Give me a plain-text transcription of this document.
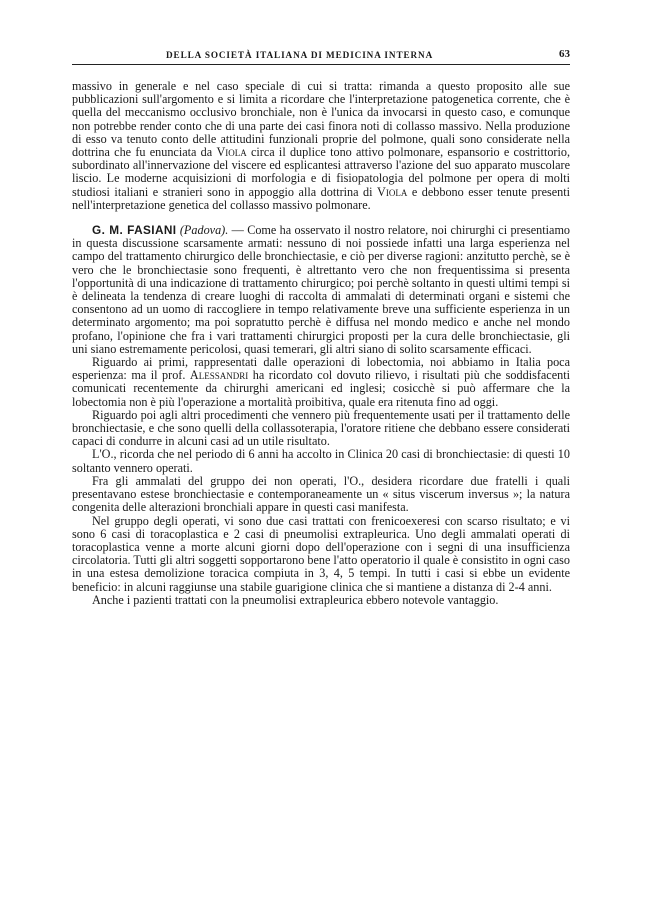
DELLA SOCIETÀ ITALIANA DI MEDICINA INTERNA	63

massivo in generale e nel caso speciale di cui si tratta: rimanda a questo proposito alle sue pubblicazioni sull'argomento e si limita a ricordare che l'interpretazione patogenetica corrente, che è quella del meccanismo occlusivo bronchiale, non è l'unica da invocarsi in questo caso, e comunque non potrebbe render conto che di una parte dei casi finora noti di collasso massivo. Nella produzione di esso va tenuto conto delle attitudini funzionali proprie del polmone, quali sono considerate nella dottrina che fu enunciata da Viola circa il duplice tono attivo polmonare, espansorio e costrittorio, subordinato all'innervazione del viscere ed esplicantesi attraverso l'azione del suo apparato muscolare liscio. Le moderne acquisizioni di morfologia e di fisiopatologia del polmone per opera di molti studiosi italiani e stranieri sono in appoggio alla dottrina di Viola e debbono esser tenute presenti nell'interpretazione genetica del collasso massivo polmonare.

G. M. FASIANI (Padova). — Come ha osservato il nostro relatore, noi chirurghi ci presentiamo in questa discussione scarsamente armati: nessuno di noi possiede infatti una larga esperienza nel campo del trattamento chirurgico delle bronchiectasie, e ciò per diverse ragioni: anzitutto perchè, se è vero che le bronchiectasie sono frequenti, è altrettanto vero che non frequentissima si presenta l'opportunità di una indicazione di trattamento chirurgico; poi perchè soltanto in questi ultimi tempi si è delineata la tendenza di creare luoghi di raccolta di ammalati di determinati organi e sistemi che consentono ad un uomo di raccogliere in tempo relativamente breve una sufficiente esperienza in un determinato argomento; ma poi sopratutto perchè è diffusa nel mondo medico e anche nel mondo profano, l'opinione che fra i vari trattamenti chirurgici proposti per la cura delle bronchiectasie, gli uni siano estremamente pericolosi, quasi temerari, gli altri siano di solito scarsamente efficaci.

Riguardo ai primi, rappresentati dalle operazioni di lobectomia, noi abbiamo in Italia poca esperienza: ma il prof. Alessandri ha ricordato col dovuto rilievo, i risultati più che soddisfacenti comunicati recentemente da chirurghi americani ed inglesi; cosicchè si può affermare che la lobectomia non è più l'operazione a mortalità proibitiva, quale era ritenuta fino ad oggi.

Riguardo poi agli altri procedimenti che vennero più frequentemente usati per il trattamento delle bronchiectasie, e che sono quelli della collassoterapia, l'oratore ritiene che debbano essere considerati capaci di condurre in alcuni casi ad un utile risultato.

L'O., ricorda che nel periodo di 6 anni ha accolto in Clinica 20 casi di bronchiectasie: di questi 10 soltanto vennero operati.

Fra gli ammalati del gruppo dei non operati, l'O., desidera ricordare due fratelli i quali presentavano estese bronchiectasie e contemporaneamente un « situs viscerum inversus »; la natura congenita delle alterazioni bronchiali appare in questi casi manifesta.

Nel gruppo degli operati, vi sono due casi trattati con frenicoexeresi con scarso risultato; e vi sono 6 casi di toracoplastica e 2 casi di pneumolisi extrapleurica. Uno degli ammalati operati di toracoplastica venne a morte alcuni giorni dopo dell'operazione con i segni di una insufficienza circolatoria. Tutti gli altri soggetti sopportarono bene l'atto operatorio il quale è consistito in ogni caso in una estesa demolizione toracica compiuta in 3, 4, 5 tempi. In tutti i casi si ebbe un evidente beneficio: in alcuni raggiunse una stabile guarigione clinica che si mantiene a distanza di 2-4 anni.

Anche i pazienti trattati con la pneumolisi extrapleurica ebbero notevole vantaggio.
